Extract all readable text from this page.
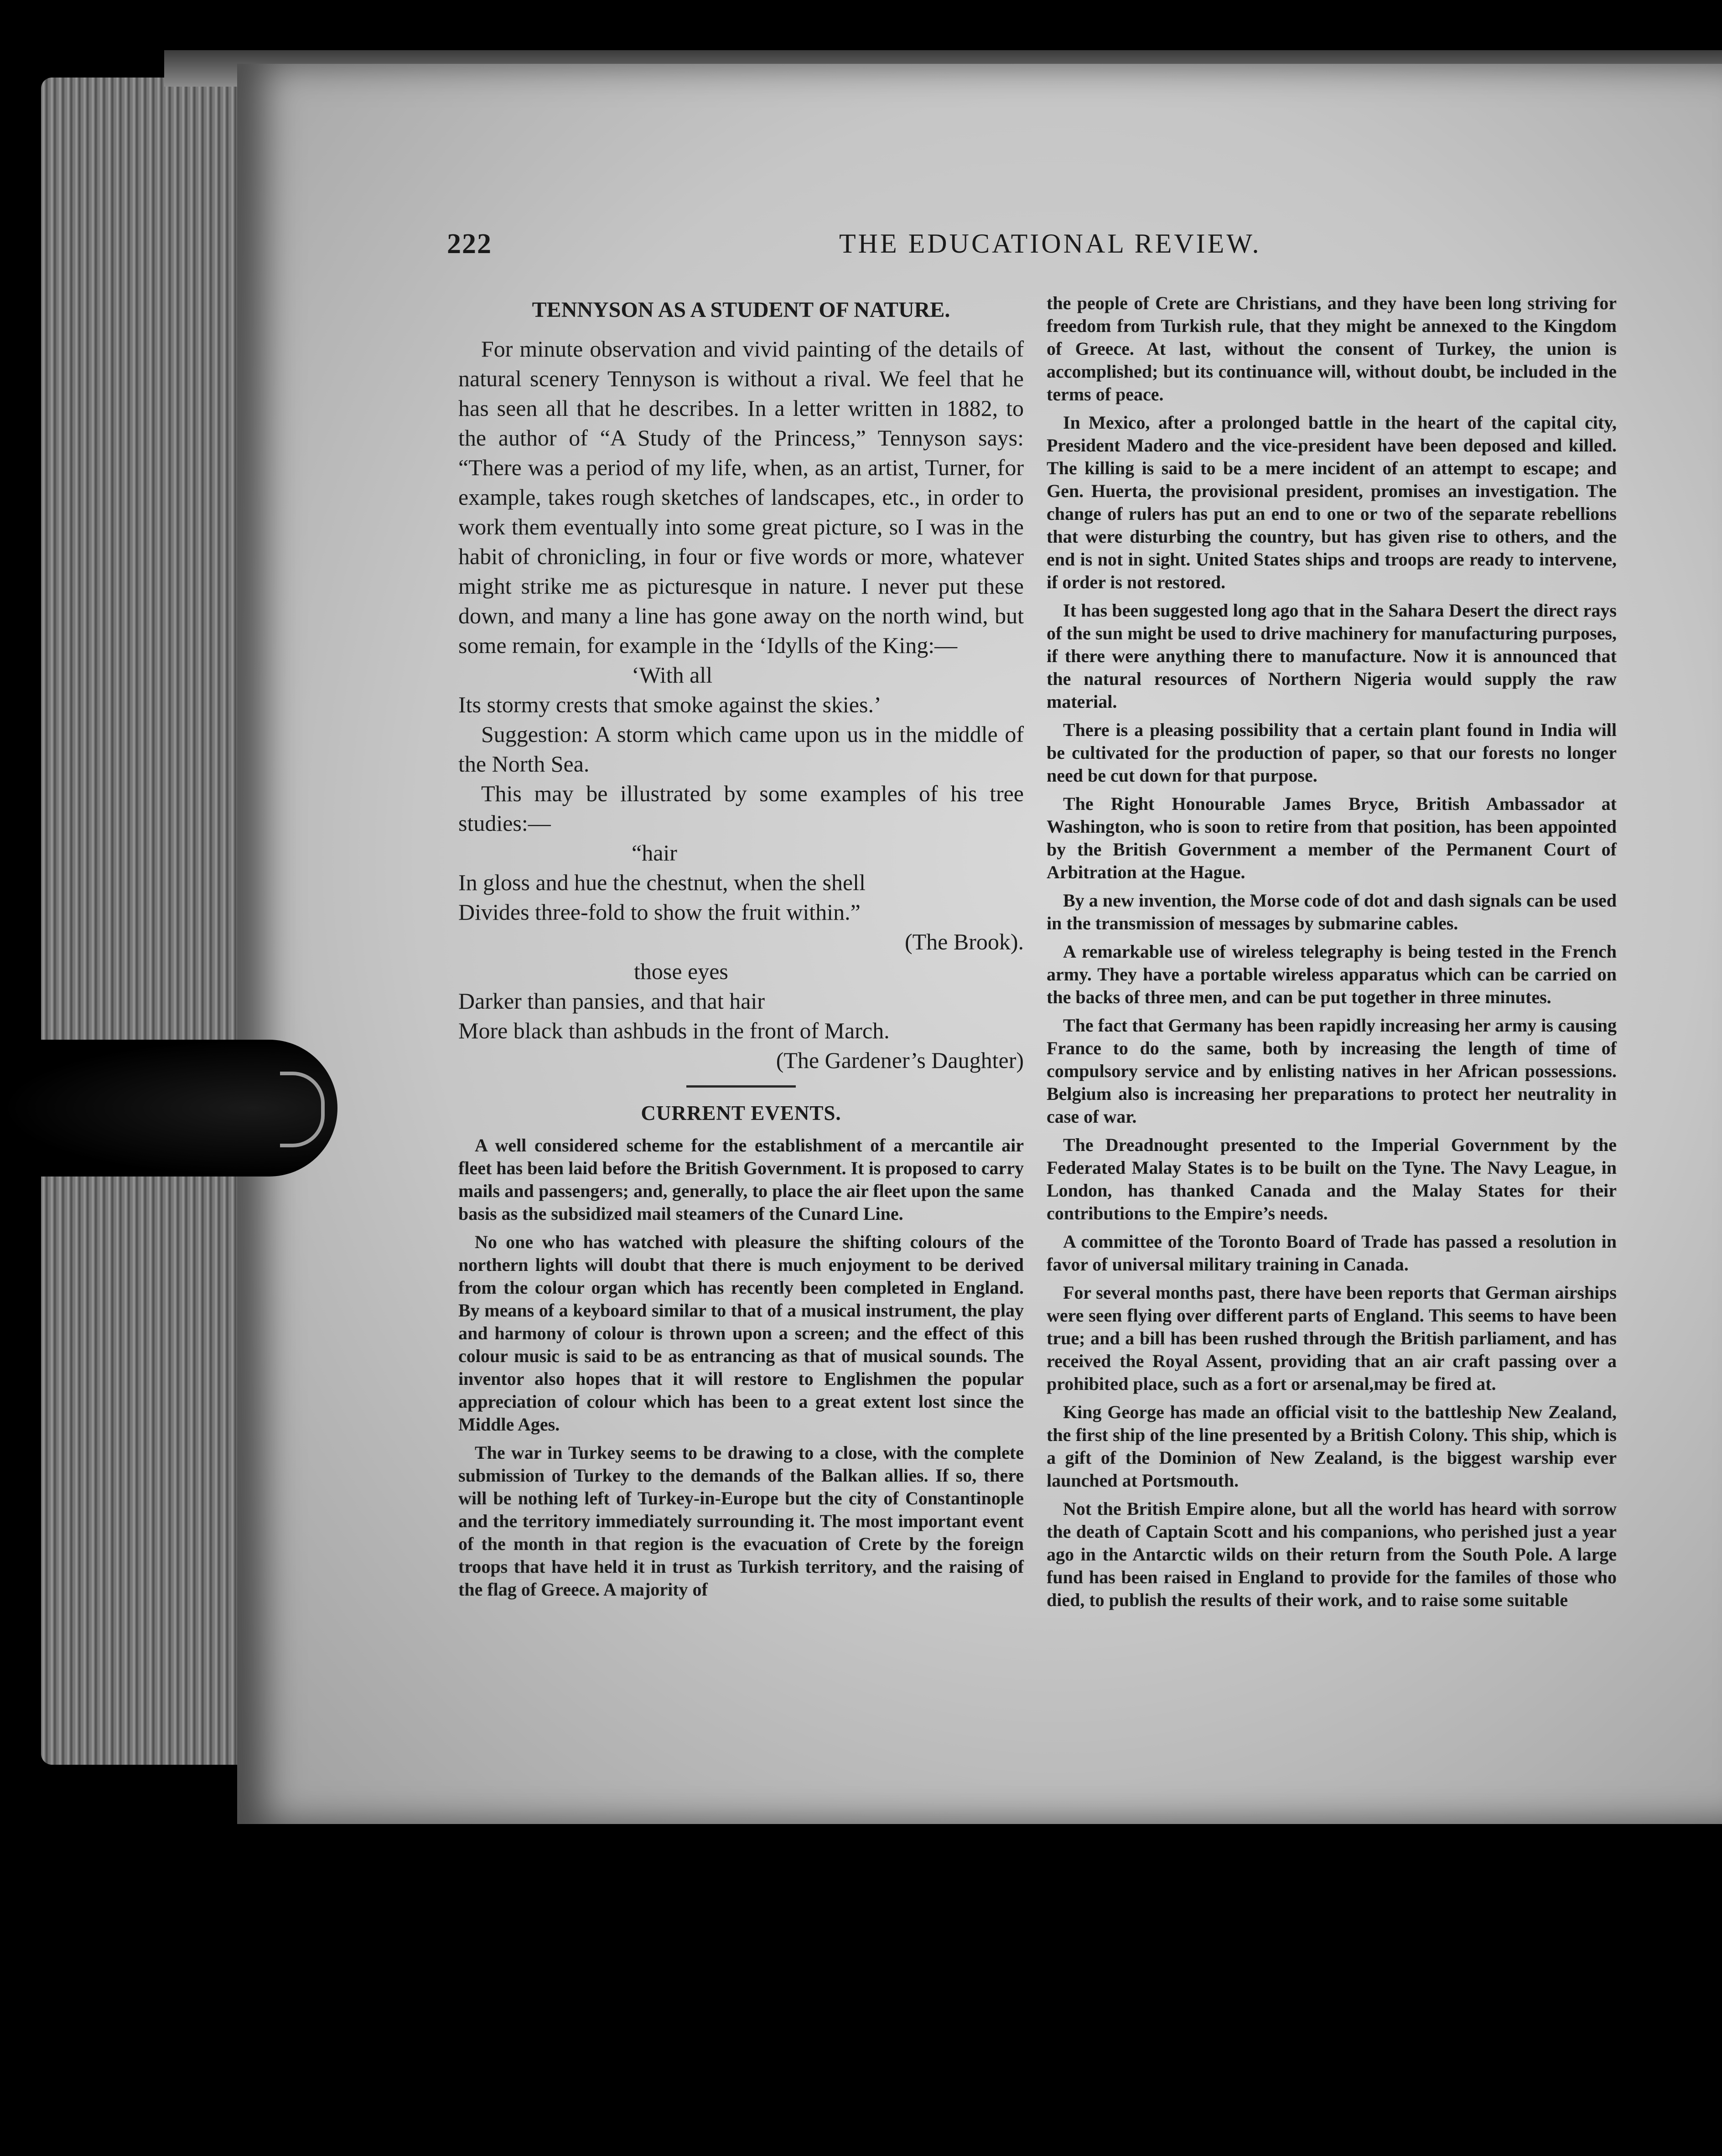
222	THE EDUCATIONAL REVIEW.
TENNYSON AS A STUDENT OF NATURE.

For minute observation and vivid painting of the details of natural scenery Tennyson is without a rival. We feel that he has seen all that he describes. In a letter written in 1882, to the author of “A Study of the Princess,” Tennyson says: “There was a period of my life, when, as an artist, Turner, for example, takes rough sketches of landscapes, etc., in order to work them eventually into some great picture, so I was in the habit of chronicling, in four or five words or more, whatever might strike me as picturesque in nature. I never put these down, and many a line has gone away on the north wind, but some remain, for example in the ‘Idylls of the King:—

‘With all
Its stormy crests that smoke against the skies.’

Suggestion: A storm which came upon us in the middle of the North Sea.

This may be illustrated by some examples of his tree studies:—

“hair
In gloss and hue the chestnut, when the shell
Divides three-fold to show the fruit within.”
(The Brook).
those eyes
Darker than pansies, and that hair
More black than ashbuds in the front of March.
(The Gardener’s Daughter)
CURRENT EVENTS.

A well considered scheme for the establishment of a mercantile air fleet has been laid before the British Government. It is proposed to carry mails and passengers; and, generally, to place the air fleet upon the same basis as the subsidized mail steamers of the Cunard Line.

No one who has watched with pleasure the shifting colours of the northern lights will doubt that there is much enjoyment to be derived from the colour organ which has recently been completed in England. By means of a keyboard similar to that of a musical instrument, the play and harmony of colour is thrown upon a screen; and the effect of this colour music is said to be as entrancing as that of musical sounds. The inventor also hopes that it will restore to Englishmen the popular appreciation of colour which has been to a great extent lost since the Middle Ages.

The war in Turkey seems to be drawing to a close, with the complete submission of Turkey to the demands of the Balkan allies. If so, there will be nothing left of Turkey-in-Europe but the city of Constantinople and the territory immediately surrounding it. The most important event of the month in that region is the evacuation of Crete by the foreign troops that have held it in trust as Turkish territory, and the raising of the flag of Greece. A majority of

the people of Crete are Christians, and they have been long striving for freedom from Turkish rule, that they might be annexed to the Kingdom of Greece. At last, without the consent of Turkey, the union is accomplished; but its continuance will, without doubt, be included in the terms of peace.

In Mexico, after a prolonged battle in the heart of the capital city, President Madero and the vice-president have been deposed and killed. The killing is said to be a mere incident of an attempt to escape; and Gen. Huerta, the provisional president, promises an investigation. The change of rulers has put an end to one or two of the separate rebellions that were disturbing the country, but has given rise to others, and the end is not in sight. United States ships and troops are ready to intervene, if order is not restored.

It has been suggested long ago that in the Sahara Desert the direct rays of the sun might be used to drive machinery for manufacturing purposes, if there were anything there to manufacture. Now it is announced that the natural resources of Northern Nigeria would supply the raw material.

There is a pleasing possibility that a certain plant found in India will be cultivated for the production of paper, so that our forests no longer need be cut down for that purpose.

The Right Honourable James Bryce, British Ambassador at Washington, who is soon to retire from that position, has been appointed by the British Government a member of the Permanent Court of Arbitration at the Hague.

By a new invention, the Morse code of dot and dash signals can be used in the transmission of messages by submarine cables.

A remarkable use of wireless telegraphy is being tested in the French army. They have a portable wireless apparatus which can be carried on the backs of three men, and can be put together in three minutes.

The fact that Germany has been rapidly increasing her army is causing France to do the same, both by increasing the length of time of compulsory service and by enlisting natives in her African possessions. Belgium also is increasing her preparations to protect her neutrality in case of war.

The Dreadnought presented to the Imperial Government by the Federated Malay States is to be built on the Tyne. The Navy League, in London, has thanked Canada and the Malay States for their contributions to the Empire’s needs.

A committee of the Toronto Board of Trade has passed a resolution in favor of universal military training in Canada.

For several months past, there have been reports that German airships were seen flying over different parts of England. This seems to have been true; and a bill has been rushed through the British parliament, and has received the Royal Assent, providing that an air craft passing over a prohibited place, such as a fort or arsenal,may be fired at.

King George has made an official visit to the battleship New Zealand, the first ship of the line presented by a British Colony. This ship, which is a gift of the Dominion of New Zealand, is the biggest warship ever launched at Portsmouth.

Not the British Empire alone, but all the world has heard with sorrow the death of Captain Scott and his companions, who perished just a year ago in the Antarctic wilds on their return from the South Pole. A large fund has been raised in England to provide for the familes of those who died, to publish the results of their work, and to raise some suitable
